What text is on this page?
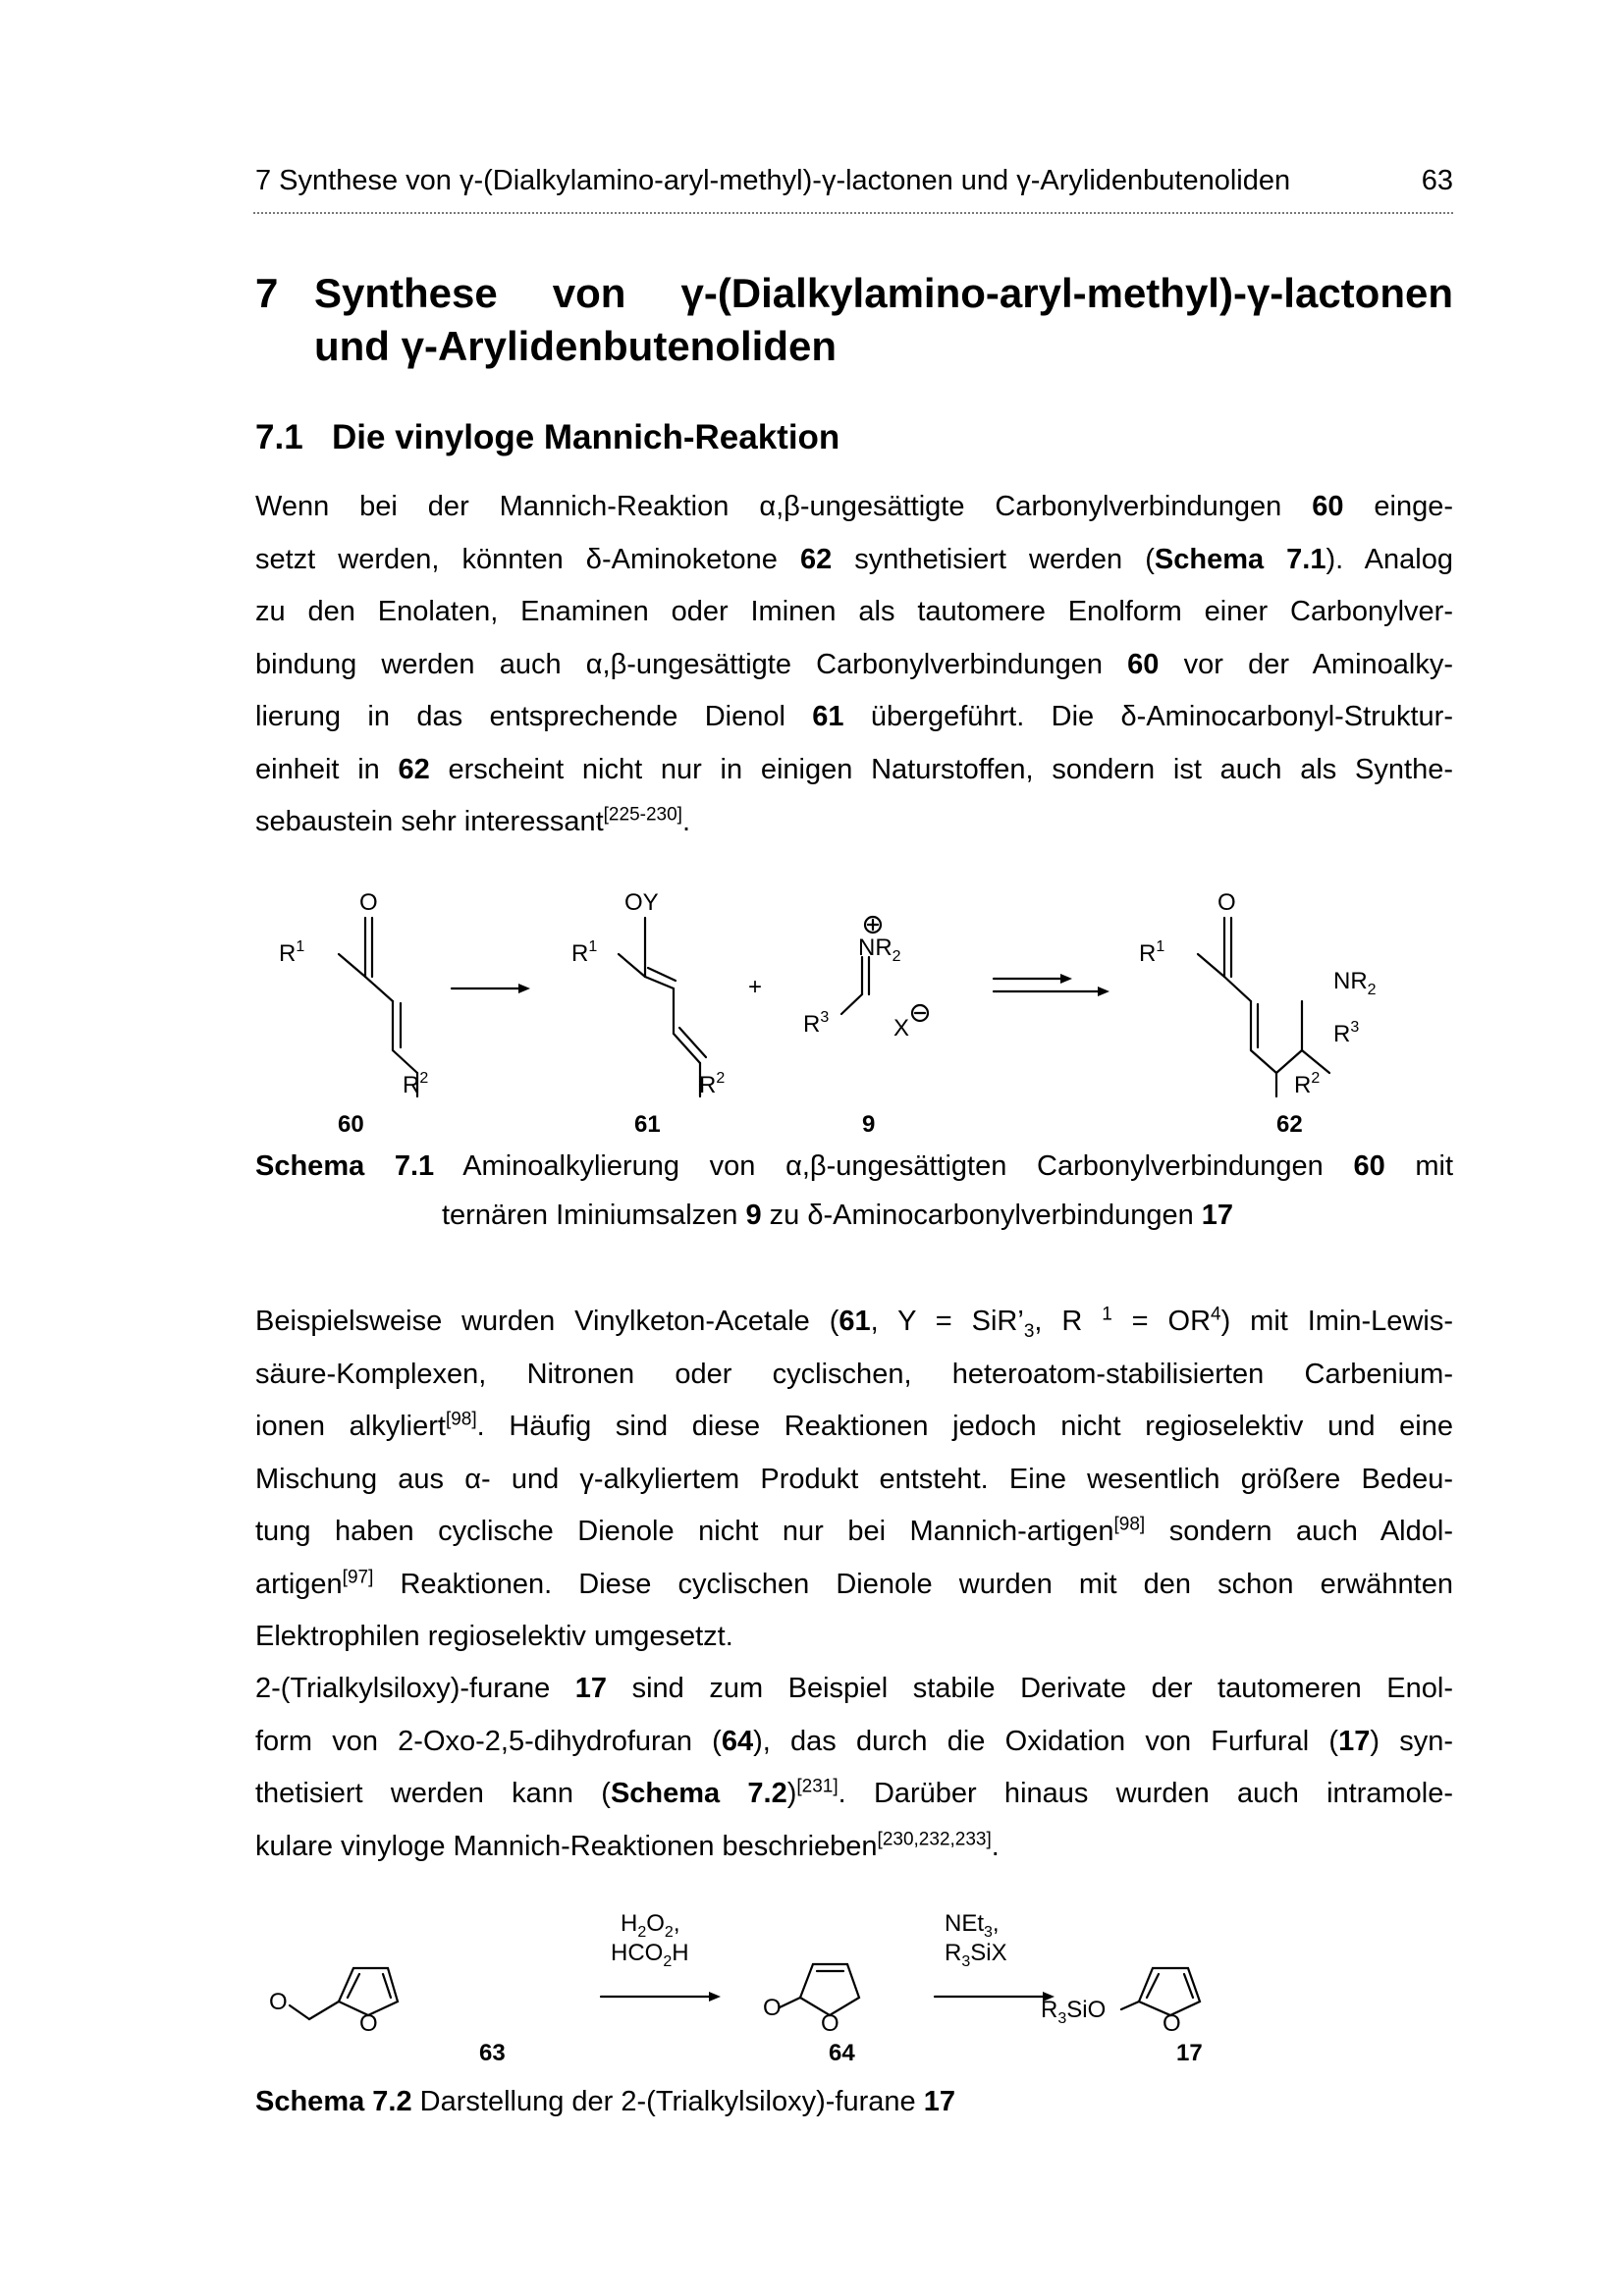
7 Synthese von γ-(Dialkylamino-aryl-methyl)-γ-lactonen und γ-Arylidenbutenoliden	63
7 Synthese von γ-(Dialkylamino-aryl-methyl)-γ-lactonen
und γ-Arylidenbutenoliden
7.1 Die vinyloge Mannich-Reaktion
Wenn bei der Mannich-Reaktion α,β-ungesättigte Carbonylverbindungen 60 einge-
setzt werden, könnten δ-Aminoketone 62 synthetisiert werden (Schema 7.1). Analog
zu den Enolaten, Enaminen oder Iminen als tautomere Enolform einer Carbonylver-
bindung werden auch α,β-ungesättigte Carbonylverbindungen 60 vor der Aminoalky-
lierung in das entsprechende Dienol 61 übergeführt. Die δ-Aminocarbonyl-Struktur-
einheit in 62 erscheint nicht nur in einigen Naturstoffen, sondern ist auch als Synthe-
sebaustein sehr interessant[225-230].
O
$R^1$
$R^2$
OY
$R^1$
$R^2$
+
$NR_2$
$R^3$	X
O
$R^1$
$NR_2$
$R^3$
$R^2$
60	61	9	62
Schema 7.1 Aminoalkylierung von α,β-ungesättigten Carbonylverbindungen 60 mit
ternären Iminiumsalzen 9 zu δ-Aminocarbonylverbindungen 17
Beispielsweise wurden Vinylketon-Acetale (61, $Y = SiR’_3$, R $^1 = OR^4$) mit Imin-Lewis-
säure-Komplexen, Nitronen oder cyclischen, heteroatom-stabilisierten Carbenium-
ionen alkyliert[98]. Häufig sind diese Reaktionen jedoch nicht regioselektiv und eine
Mischung aus α- und γ-alkyliertem Produkt entsteht. Eine wesentlich größere Bedeu-
tung haben cyclische Dienole nicht nur bei Mannich-artigen[98] sondern auch Aldol-
artigen[97] Reaktionen. Diese cyclischen Dienole wurden mit den schon erwähnten
Elektrophilen regioselektiv umgesetzt.
2-(Trialkylsiloxy)-furane 17 sind zum Beispiel stabile Derivate der tautomeren Enol-
form von 2-Oxo-2,5-dihydrofuran (64), das durch die Oxidation von Furfural (17) syn-
thetisiert werden kann (Schema 7.2)[231]. Darüber hinaus wurden auch intramole-
kulare vinyloge Mannich-Reaktionen beschrieben[230,232,233].
O
O
$H_2O_2$,
$HCO_2H$
O
O
NEt$_3$,
$R_3SiX$
$R_3SiO$
O
63	64	17
Schema 7.2 Darstellung der 2-(Trialkylsiloxy)-furane 17
